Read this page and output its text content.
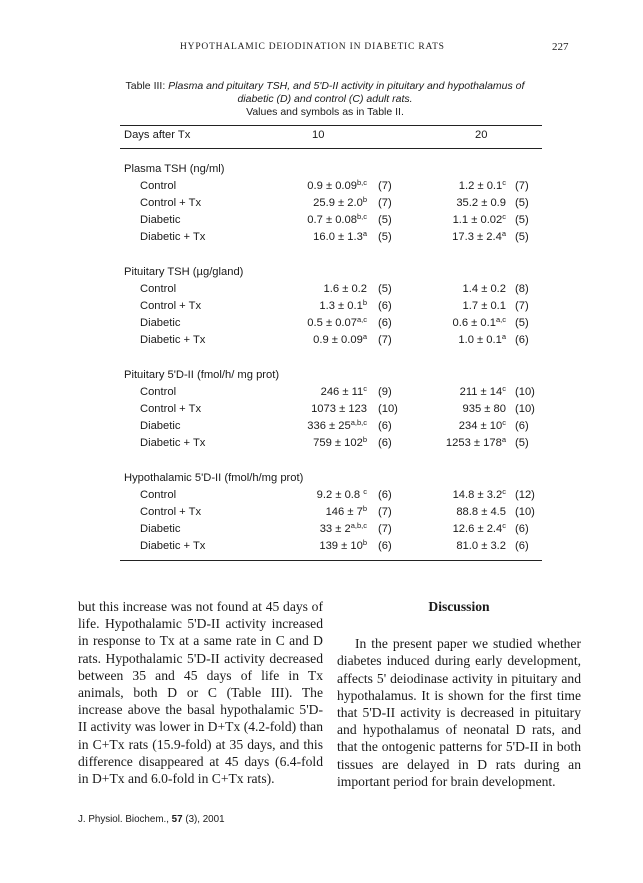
HYPOTHALAMIC DEIODINATION IN DIABETIC RATS	227
Table III: Plasma and pituitary TSH, and 5'D-II activity in pituitary and hypothalamus of
diabetic (D) and control (C) adult rats.
Values and symbols as in Table II.
Days after Tx	10	20
Plasma TSH (ng/ml)
Control	$0.9 \pm 0.09^{b,c}$ (7)	1.2 ± 0.1$^c$ (7)
Control + Tx	25.9 ± 2.0$^b$ (7)	35.2 ± 0.9 (5)
Diabetic	$0.7 \pm 0.08^{b,c}$ (5)	1.1 ± 0.02$^c$ (5)
Diabetic + Tx	16.0 ± 1.3$^a$ (5)	17.3 ± 2.4$^a$ (5)
Pituitary TSH (µg/gland)
Control	1.6 ± 0.2 (5)	1.4 ± 0.2 (8)
Control + Tx	1.3 ± 0.1$^b$ (6)	1.7 ± 0.1 (7)
Diabetic	$0.5 \pm 0.07^{a,c}$ (6)	$0.6 \pm 0.1^{a,c}$ (5)
Diabetic + Tx	0.9 ± 0.09$^a$ (7)	1.0 ± 0.1$^a$ (6)
Pituitary 5'D-II (fmol/h/ mg prot)
Control	$246 \pm 11^c$ (9)	$211 \pm 14^c$ (10)
Control + Tx	1073 ± 123 (10)	935 ± 80 (10)
Diabetic	$336 \pm 25^{a,b,c}$ (6)	$234 \pm 10^c$ (6)
Diabetic + Tx	$759 \pm 102^b$ (6)	$1253 \pm 178^a$ (5)
Hypothalamic 5'D-II (fmol/h/mg prot)
Control	9.2 ± 0.8 $^c$ (6)	14.8 ± 3.2$^c$ (12)
Control + Tx	$146 \pm 7^b$ (7)	88.8 ± 4.5 (10)
Diabetic	$33 \pm 2^{a,b,c}$ (7)	12.6 ± 2.4$^c$ (6)
Diabetic + Tx	$139 \pm 10^b$ (6)	81.0 ± 3.2 (6)

but this increase was not found at 45 days of life. Hypothalamic 5'D-II activity increased in response to Tx at a same rate in C and D rats. Hypothalamic 5'D-II activity decreased between 35 and 45 days of life in Tx animals, both D or C (Table III). The increase above the basal hypothalamic 5'D-II activity was lower in D+Tx (4.2-fold) than in C+Tx rats (15.9-fold) at 35 days, and this difference disappeared at 45 days (6.4-fold in D+Tx and 6.0-fold in C+Tx rats).

Discussion

In the present paper we studied whether diabetes induced during early development, affects 5' deiodinase activity in pituitary and hypothalamus. It is shown for the first time that 5'D-II activity is decreased in pituitary and hypothalamus of neonatal D rats, and that the ontogenic patterns for 5'D-II in both tissues are delayed in D rats during an important period for brain development.

J. Physiol. Biochem., 57 (3), 2001
